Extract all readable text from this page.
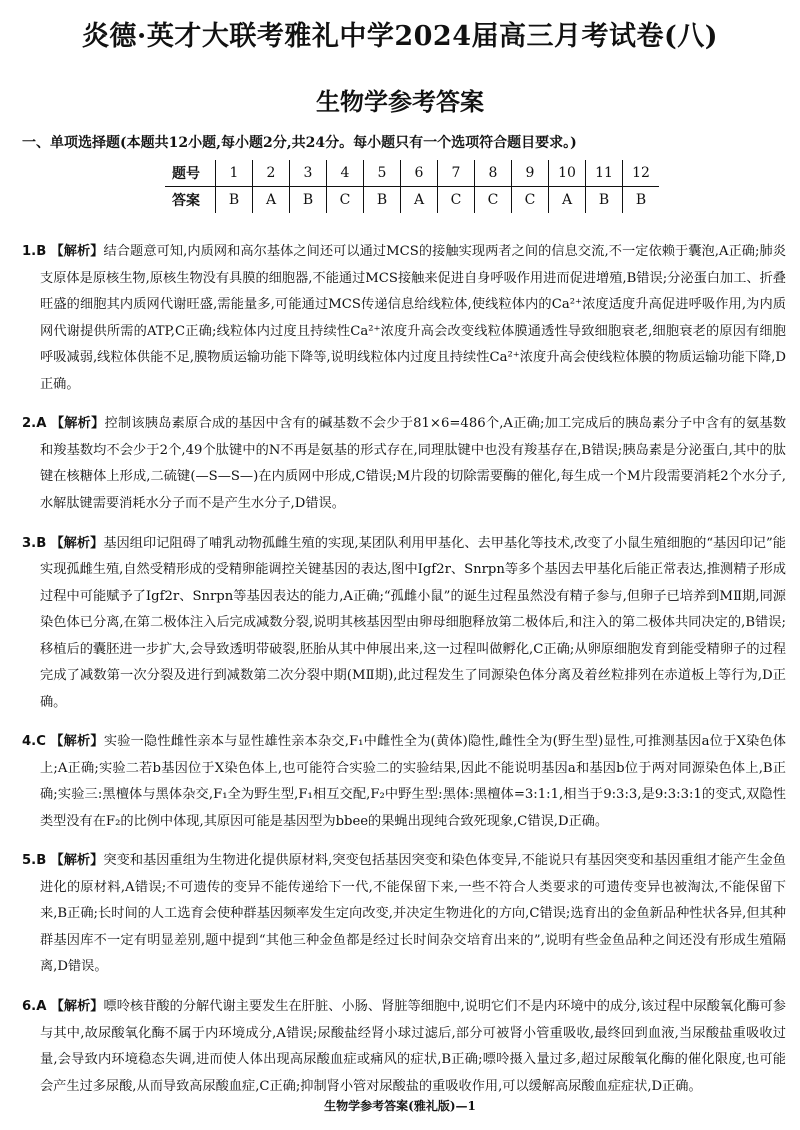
炎德·英才大联考雅礼中学2024届高三月考试卷(八)
生物学参考答案
一、单项选择题(本题共12小题,每小题2分,共24分。每小题只有一个选项符合题目要求。)
题号	1	2	3	4	5	6	7	8	9	10	11	12
答案	B	A	B	C	B	A	C	C	C	A	B	B

1.B 【解析】结合题意可知,内质网和高尔基体之间还可以通过MCS的接触实现两者之间的信息交流,不一定依赖于囊泡,A正确;肺炎支原体是原核生物,原核生物没有具膜的细胞器,不能通过MCS接触来促进自身呼吸作用进而促进增殖,B错误;分泌蛋白加工、折叠旺盛的细胞其内质网代谢旺盛,需能量多,可能通过MCS传递信息给线粒体,使线粒体内的Ca²⁺浓度适度升高促进呼吸作用,为内质网代谢提供所需的ATP,C正确;线粒体内过度且持续性Ca²⁺浓度升高会改变线粒体膜通透性导致细胞衰老,细胞衰老的原因有细胞呼吸减弱,线粒体供能不足,膜物质运输功能下降等,说明线粒体内过度且持续性Ca²⁺浓度升高会使线粒体膜的物质运输功能下降,D正确。

2.A 【解析】控制该胰岛素原合成的基因中含有的碱基数不会少于81×6=486个,A正确;加工完成后的胰岛素分子中含有的氨基数和羧基数均不会少于2个,49个肽键中的N不再是氨基的形式存在,同理肽键中也没有羧基存在,B错误;胰岛素是分泌蛋白,其中的肽键在核糖体上形成,二硫键(—S—S—)在内质网中形成,C错误;M片段的切除需要酶的催化,每生成一个M片段需要消耗2个水分子,水解肽键需要消耗水分子而不是产生水分子,D错误。

3.B 【解析】基因组印记阻碍了哺乳动物孤雌生殖的实现,某团队利用甲基化、去甲基化等技术,改变了小鼠生殖细胞的“基因印记”能实现孤雌生殖,自然受精形成的受精卵能调控关键基因的表达,图中Igf2r、Snrpn等多个基因去甲基化后能正常表达,推测精子形成过程中可能赋予了Igf2r、Snrpn等基因表达的能力,A正确;“孤雌小鼠”的诞生过程虽然没有精子参与,但卵子已培养到MⅡ期,同源染色体已分离,在第二极体注入后完成减数分裂,说明其核基因型由卵母细胞释放第二极体后,和注入的第二极体共同决定的,B错误;移植后的囊胚进一步扩大,会导致透明带破裂,胚胎从其中伸展出来,这一过程叫做孵化,C正确;从卵原细胞发育到能受精卵子的过程完成了减数第一次分裂及进行到减数第二次分裂中期(MⅡ期),此过程发生了同源染色体分离及着丝粒排列在赤道板上等行为,D正确。

4.C 【解析】实验一隐性雌性亲本与显性雄性亲本杂交,F₁中雌性全为(黄体)隐性,雌性全为(野生型)显性,可推测基因a位于X染色体上;A正确;实验二若b基因位于X染色体上,也可能符合实验二的实验结果,因此不能说明基因a和基因b位于两对同源染色体上,B正确;实验三:黑檀体与黑体杂交,F₁全为野生型,F₁相互交配,F₂中野生型:黑体:黑檀体=3:1:1,相当于9:3:3,是9:3:3:1的变式,双隐性类型没有在F₂的比例中体现,其原因可能是基因型为bbee的果蝇出现纯合致死现象,C错误,D正确。

5.B 【解析】突变和基因重组为生物进化提供原材料,突变包括基因突变和染色体变异,不能说只有基因突变和基因重组才能产生金鱼进化的原材料,A错误;不可遗传的变异不能传递给下一代,不能保留下来,一些不符合人类要求的可遗传变异也被淘汰,不能保留下来,B正确;长时间的人工选育会使种群基因频率发生定向改变,并决定生物进化的方向,C错误;选育出的金鱼新品种性状各异,但其种群基因库不一定有明显差别,题中提到“其他三种金鱼都是经过长时间杂交培育出来的”,说明有些金鱼品种之间还没有形成生殖隔离,D错误。

6.A 【解析】嘌呤核苷酸的分解代谢主要发生在肝脏、小肠、肾脏等细胞中,说明它们不是内环境中的成分,该过程中尿酸氧化酶可参与其中,故尿酸氧化酶不属于内环境成分,A错误;尿酸盐经肾小球过滤后,部分可被肾小管重吸收,最终回到血液,当尿酸盐重吸收过量,会导致内环境稳态失调,进而使人体出现高尿酸血症或痛风的症状,B正确;嘌呤摄入量过多,超过尿酸氧化酶的催化限度,也可能会产生过多尿酸,从而导致高尿酸血症,C正确;抑制肾小管对尿酸盐的重吸收作用,可以缓解高尿酸血症症状,D正确。

生物学参考答案(雅礼版)—1
